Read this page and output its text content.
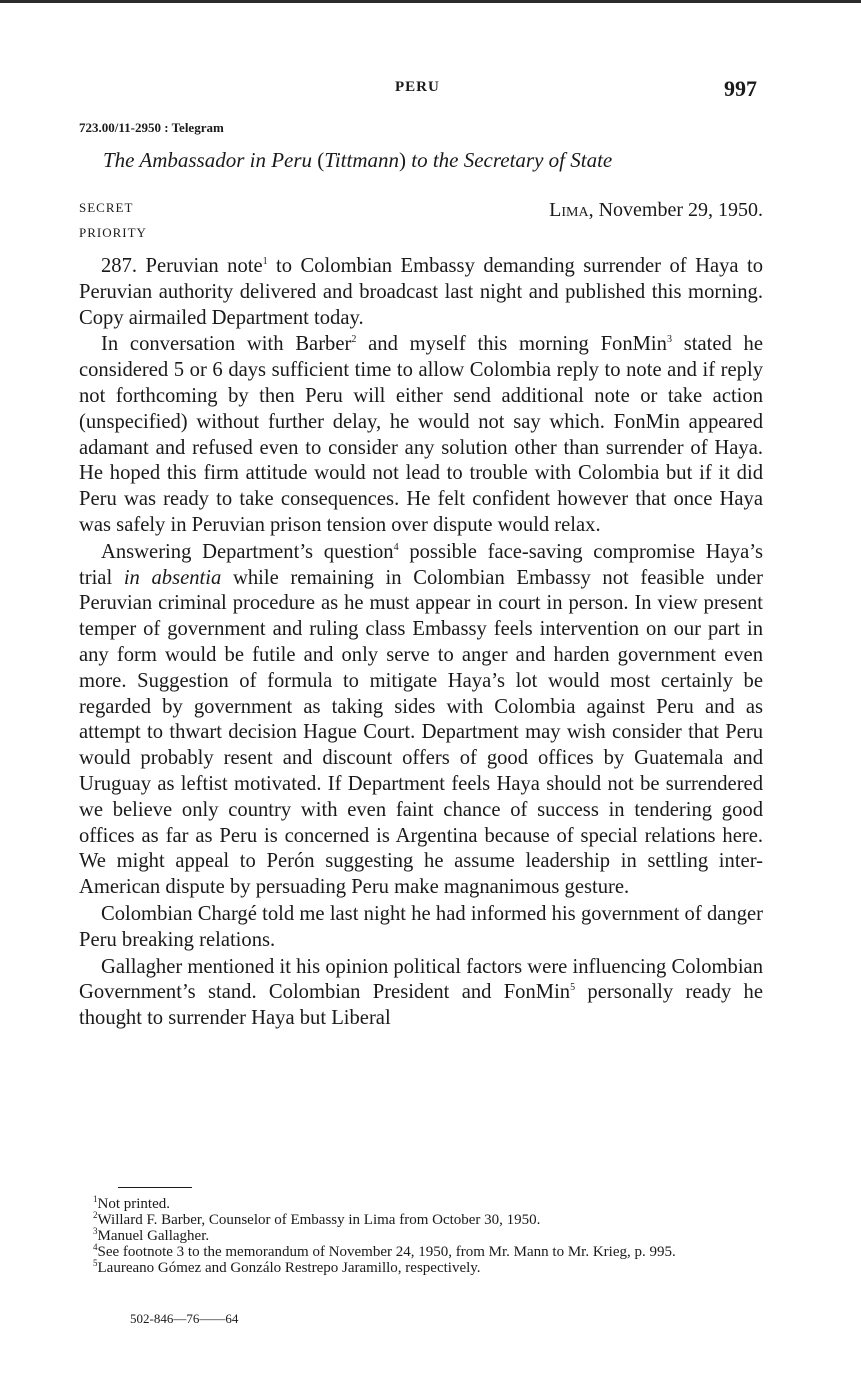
PERU	997
723.00/11-2950 : Telegram
The Ambassador in Peru (Tittmann) to the Secretary of State
SECRET
PRIORITY
Lima, November 29, 1950.

287. Peruvian note$^1$ to Colombian Embassy demanding surrender of Haya to Peruvian authority delivered and broadcast last night and published this morning. Copy airmailed Department today.

In conversation with Barber$^2$ and myself this morning FonMin$^3$ stated he considered 5 or 6 days sufficient time to allow Colombia reply to note and if reply not forthcoming by then Peru will either send additional note or take action (unspecified) without further delay, he would not say which. FonMin appeared adamant and refused even to consider any solution other than surrender of Haya. He hoped this firm attitude would not lead to trouble with Colombia but if it did Peru was ready to take consequences. He felt confident however that once Haya was safely in Peruvian prison tension over dispute would relax.

Answering Department’s question$^4$ possible face-saving compromise Haya’s trial in absentia while remaining in Colombian Embassy not feasible under Peruvian criminal procedure as he must appear in court in person. In view present temper of government and ruling class Embassy feels intervention on our part in any form would be futile and only serve to anger and harden government even more. Suggestion of formula to mitigate Haya’s lot would most certainly be regarded by government as taking sides with Colombia against Peru and as attempt to thwart decision Hague Court. Department may wish consider that Peru would probably resent and discount offers of good offices by Guatemala and Uruguay as leftist motivated. If Department feels Haya should not be surrendered we believe only country with even faint chance of success in tendering good offices as far as Peru is concerned is Argentina because of special relations here. We might appeal to Perón suggesting he assume leadership in settling inter-American dispute by persuading Peru make magnanimous gesture.

Colombian Chargé told me last night he had informed his government of danger Peru breaking relations.

Gallagher mentioned it his opinion political factors were influencing Colombian Government’s stand. Colombian President and FonMin$^5$ personally ready he thought to surrender Haya but Liberal

$^1$Not printed.
$^2$Willard F. Barber, Counselor of Embassy in Lima from October 30, 1950.
$^3$Manuel Gallagher.
$^4$See footnote 3 to the memorandum of November 24, 1950, from Mr. Mann to Mr. Krieg, p. 995.
$^5$Laureano Gómez and Gonzálo Restrepo Jaramillo, respectively.
502-846—76——64
